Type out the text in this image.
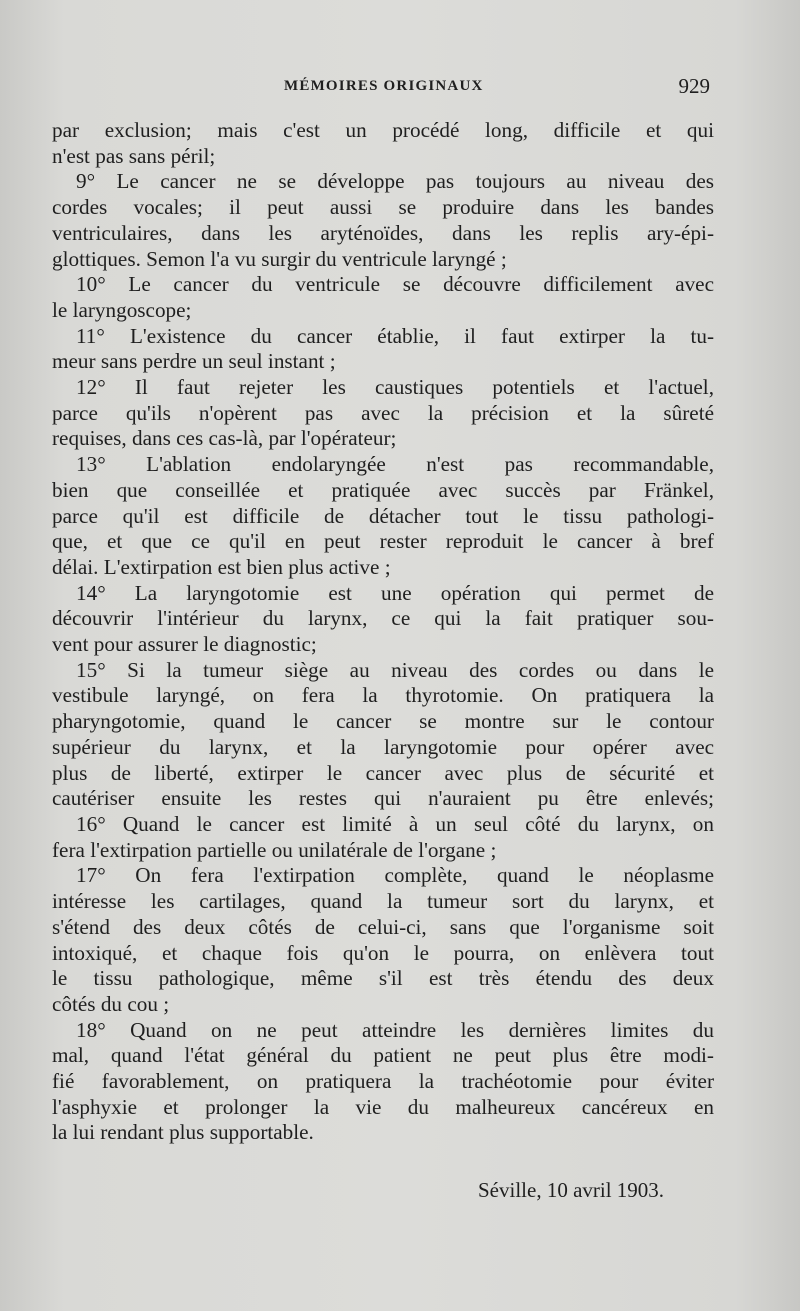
MÉMOIRES ORIGINAUX	929
par exclusion; mais c'est un procédé long, difficile et qui
n'est pas sans péril;
9° Le cancer ne se développe pas toujours au niveau des
cordes vocales; il peut aussi se produire dans les bandes
ventriculaires, dans les aryténoïdes, dans les replis ary-épi-
glottiques. Semon l'a vu surgir du ventricule laryngé ;
10° Le cancer du ventricule se découvre difficilement avec
le laryngoscope;
11° L'existence du cancer établie, il faut extirper la tu-
meur sans perdre un seul instant ;
12° Il faut rejeter les caustiques potentiels et l'actuel,
parce qu'ils n'opèrent pas avec la précision et la sûreté
requises, dans ces cas-là, par l'opérateur;
13° L'ablation endolaryngée n'est pas recommandable,
bien que conseillée et pratiquée avec succès par Fränkel,
parce qu'il est difficile de détacher tout le tissu pathologi-
que, et que ce qu'il en peut rester reproduit le cancer à bref
délai. L'extirpation est bien plus active ;
14° La laryngotomie est une opération qui permet de
découvrir l'intérieur du larynx, ce qui la fait pratiquer sou-
vent pour assurer le diagnostic;
15° Si la tumeur siège au niveau des cordes ou dans le
vestibule laryngé, on fera la thyrotomie. On pratiquera la
pharyngotomie, quand le cancer se montre sur le contour
supérieur du larynx, et la laryngotomie pour opérer avec
plus de liberté, extirper le cancer avec plus de sécurité et
cautériser ensuite les restes qui n'auraient pu être enlevés;
16° Quand le cancer est limité à un seul côté du larynx, on
fera l'extirpation partielle ou unilatérale de l'organe ;
17° On fera l'extirpation complète, quand le néoplasme
intéresse les cartilages, quand la tumeur sort du larynx, et
s'étend des deux côtés de celui-ci, sans que l'organisme soit
intoxiqué, et chaque fois qu'on le pourra, on enlèvera tout
le tissu pathologique, même s'il est très étendu des deux
côtés du cou ;
18° Quand on ne peut atteindre les dernières limites du
mal, quand l'état général du patient ne peut plus être modi-
fié favorablement, on pratiquera la trachéotomie pour éviter
l'asphyxie et prolonger la vie du malheureux cancéreux en
la lui rendant plus supportable.
Séville, 10 avril 1903.
